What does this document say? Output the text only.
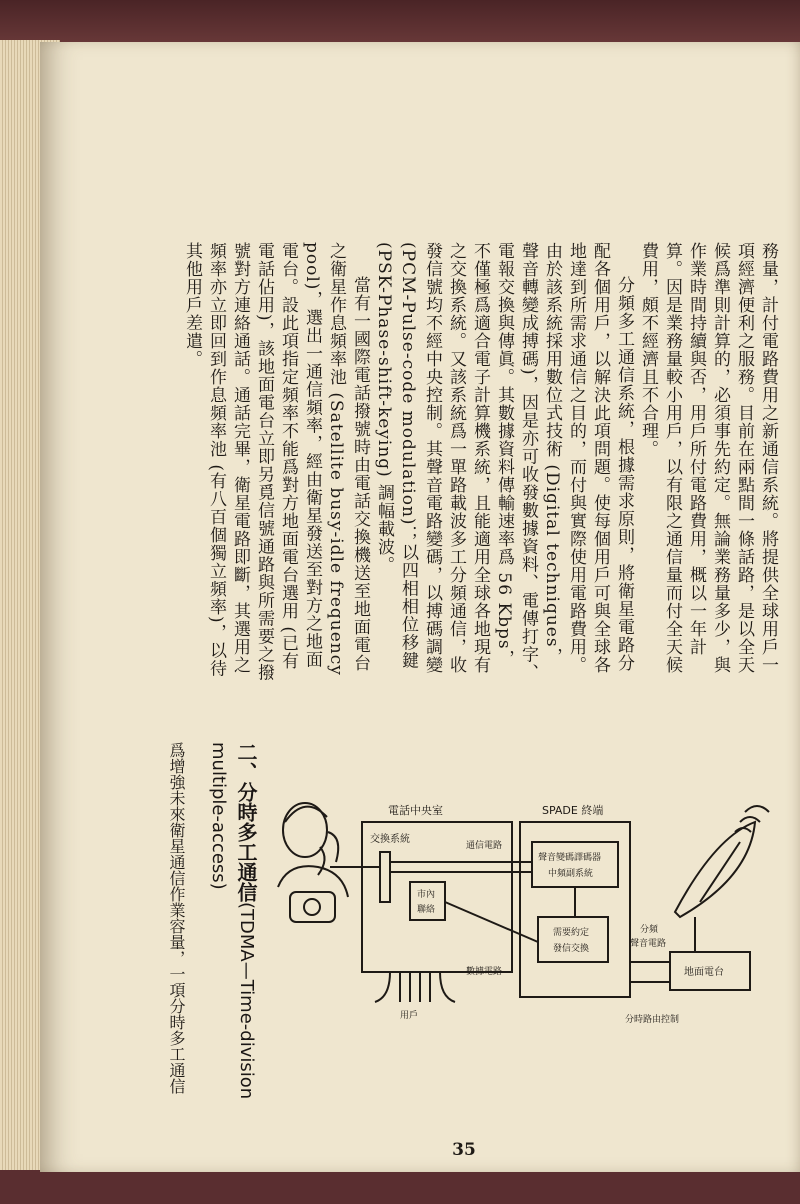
務量，計付電路費用之新通信系統。將提供全球用戶一項經濟便利之服務。目前在兩點間一條話路，是以全天候爲準則計算的，必須事先約定。無論業務量多少，與作業時間持續與否，用戶所付電路費用，概以一年計算。因是業務量較小用戶，以有限之通信量而付全天候費用，頗不經濟且不合理。

分頻多工通信系統，根據需求原則，將衛星電路分配各個用戶，以解決此項問題。使每個用戶可與全球各地達到所需求通信之目的，而付與實際使用電路費用。由於該系統採用數位式技術 (Digital techniques，聲音轉變成搏碼)，因是亦可收發數據資料、電傳打字、電報交換與傳眞。其數據資料傳輸速率爲 56 Kbps，不僅極爲適合電子計算機系統，且能適用全球各地現有之交換系統。又該系統爲一單路載波多工分頻通信，收發信號均不經中央控制。其聲音電路變碼，以搏碼調變 (PCM-Pulse-code modulation)；以四相相位移鍵 (PSK-Phase-shift-keying) 調幅載波。

當有一國際電話撥號時由電話交換機送至地面電台之衛星作息頻率池 (Satellite busy-idle frequency pool)，選出一通信頻率，經由衛星發送至對方之地面電台。設此項指定頻率不能爲對方地面電台選用 (已有電話佔用)，該地面電台立即另覓信號通路與所需要之撥號對方連絡通話。通話完畢，衛星電路即斷，其選用之頻率亦立即回到作息頻率池 (有八百個獨立頻率)，以待其他用戶差遣。

二、分時多工通信(TDMA—Time-division multiple-access)
爲增強未來衛星通信作業容量，一項分時多工通信	電話中央室
交換系統
市內
聯絡
SPADE 終端
聲音變碼譯碼器
中頻副系統
需要約定
發信交換
通信電路
數據電路
用戶
分頻
聲音電路
地面電台
分時路由控制
35
